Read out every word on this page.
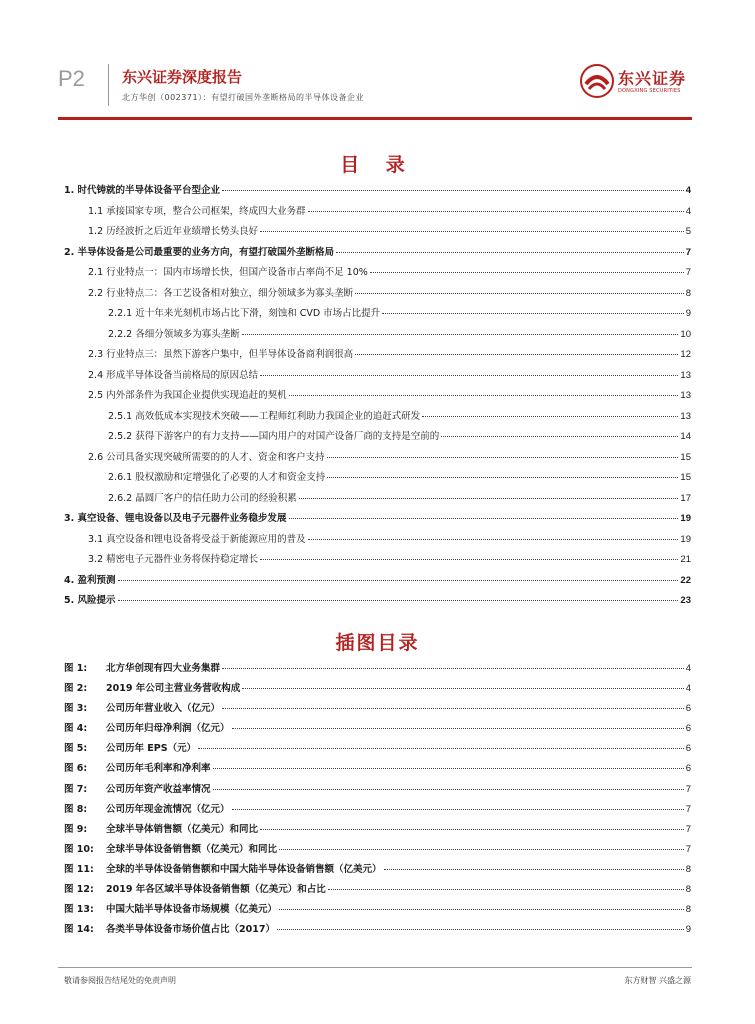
P2 东兴证券深度报告
北方华创（002371）：有望打破国外垄断格局的半导体设备企业
东兴证券
DONGXING SECURITIES
目 录
1. 时代铸就的半导体设备平台型企业	4
1.1 承接国家专项，整合公司框架，终成四大业务群	4
1.2 历经波折之后近年业绩增长势头良好	5
2. 半导体设备是公司最重要的业务方向，有望打破国外垄断格局	7
2.1 行业特点一：国内市场增长快，但国产设备市占率尚不足 10%	7
2.2 行业特点二：各工艺设备相对独立，细分领域多为寡头垄断	8
2.2.1 近十年来光刻机市场占比下滑，刻蚀和 CVD 市场占比提升	9
2.2.2 各细分领域多为寡头垄断	10
2.3 行业特点三：虽然下游客户集中，但半导体设备商利润很高	12
2.4 形成半导体设备当前格局的原因总结	13
2.5 内外部条件为我国企业提供实现追赶的契机	13
2.5.1 高效低成本实现技术突破——工程师红利助力我国企业的追赶式研发	13
2.5.2 获得下游客户的有力支持——国内用户的对国产设备厂商的支持是空前的	14
2.6 公司具备实现突破所需要的的人才、资金和客户支持	15
2.6.1 股权激励和定增强化了必要的人才和资金支持	15
2.6.2 晶圆厂客户的信任助力公司的经验积累	17
3. 真空设备、锂电设备以及电子元器件业务稳步发展	19
3.1 真空设备和锂电设备将受益于新能源应用的普及	19
3.2 精密电子元器件业务将保持稳定增长	21
4. 盈利预测	22
5. 风险提示	23
插图目录
图 1:	北方华创现有四大业务集群	4
图 2:	2019 年公司主营业务营收构成	4
图 3:	公司历年营业收入（亿元）	6
图 4:	公司历年归母净利润（亿元）	6
图 5:	公司历年 EPS（元）	6
图 6:	公司历年毛利率和净利率	6
图 7:	公司历年资产收益率情况	7
图 8:	公司历年现金流情况（亿元）	7
图 9:	全球半导体销售额（亿美元）和同比	7
图 10:	全球半导体设备销售额（亿美元）和同比	7
图 11:	全球的半导体设备销售额和中国大陆半导体设备销售额（亿美元）	8
图 12:	2019 年各区域半导体设备销售额（亿美元）和占比	8
图 13:	中国大陆半导体设备市场规模（亿美元）	8
图 14:	各类半导体设备市场价值占比（2017）	9
敬请参阅报告结尾处的免责声明	东方财智 兴盛之源
